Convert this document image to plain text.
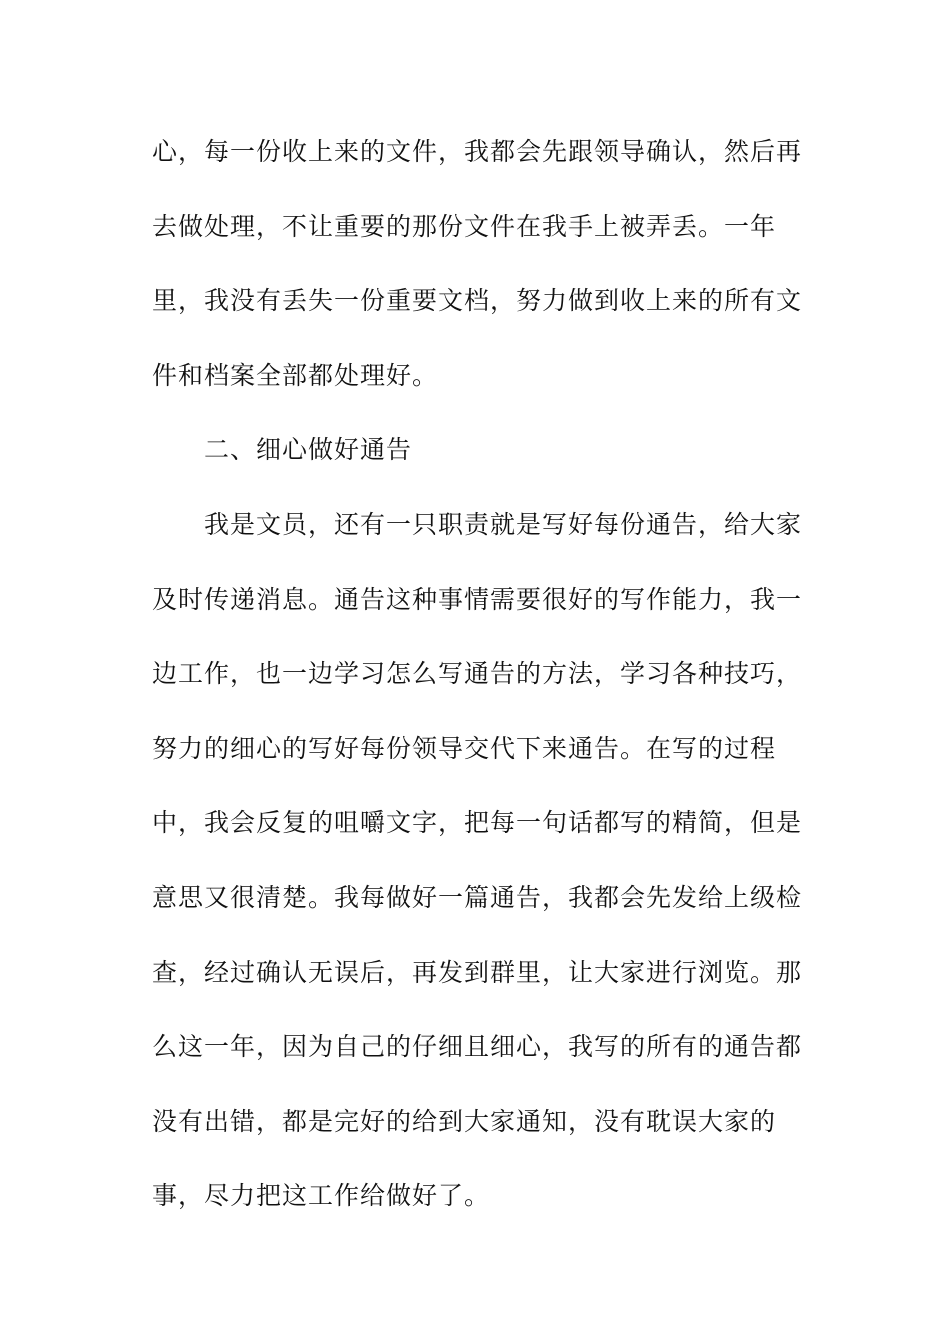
心，每一份收上来的文件，我都会先跟领导确认，然后再
去做处理，不让重要的那份文件在我手上被弄丢。一年
里，我没有丢失一份重要文档，努力做到收上来的所有文
件和档案全部都处理好。
二、细心做好通告
我是文员，还有一只职责就是写好每份通告，给大家
及时传递消息。通告这种事情需要很好的写作能力，我一
边工作，也一边学习怎么写通告的方法，学习各种技巧，
努力的细心的写好每份领导交代下来通告。在写的过程
中，我会反复的咀嚼文字，把每一句话都写的精简，但是
意思又很清楚。我每做好一篇通告，我都会先发给上级检
查，经过确认无误后，再发到群里，让大家进行浏览。那
么这一年，因为自己的仔细且细心，我写的所有的通告都
没有出错，都是完好的给到大家通知，没有耽误大家的
事，尽力把这工作给做好了。
